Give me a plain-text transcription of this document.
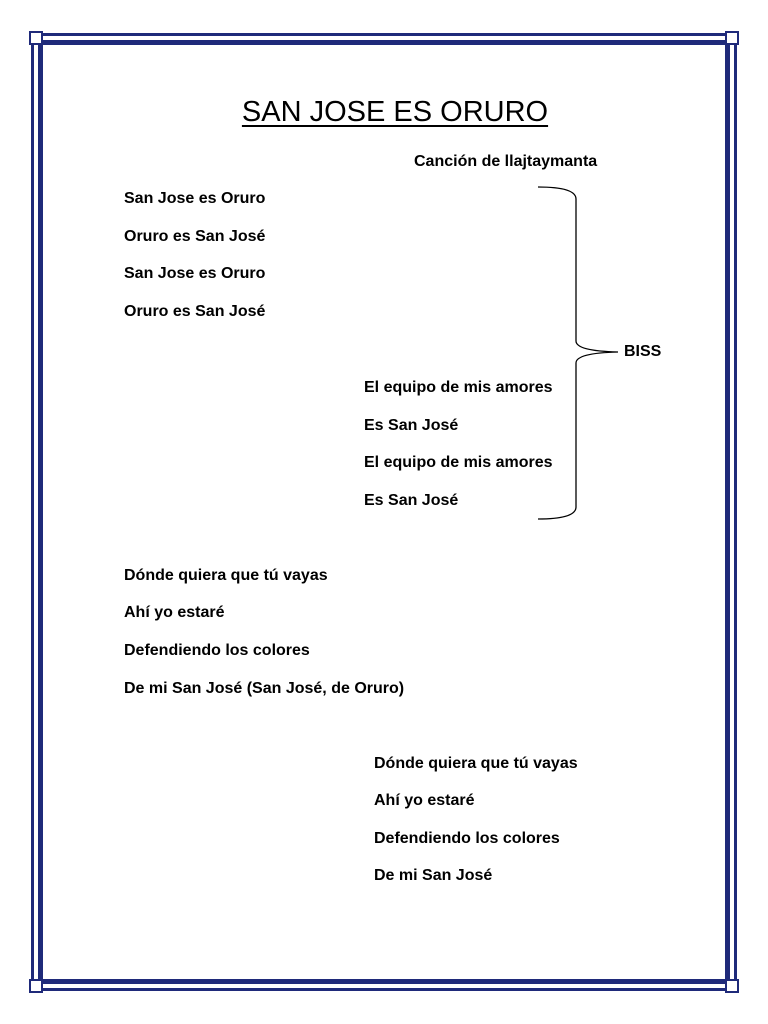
SAN JOSE ES ORURO
Canción de llajtaymanta
San Jose es Oruro
Oruro es San José
San Jose es Oruro
Oruro es San José
El equipo de mis amores
Es San José
El equipo de mis amores
Es San José
BISS
Dónde quiera que tú vayas
Ahí yo estaré
Defendiendo los colores
De mi San José (San José, de Oruro)
Dónde quiera que tú vayas
Ahí yo estaré
Defendiendo los colores
De mi San José
